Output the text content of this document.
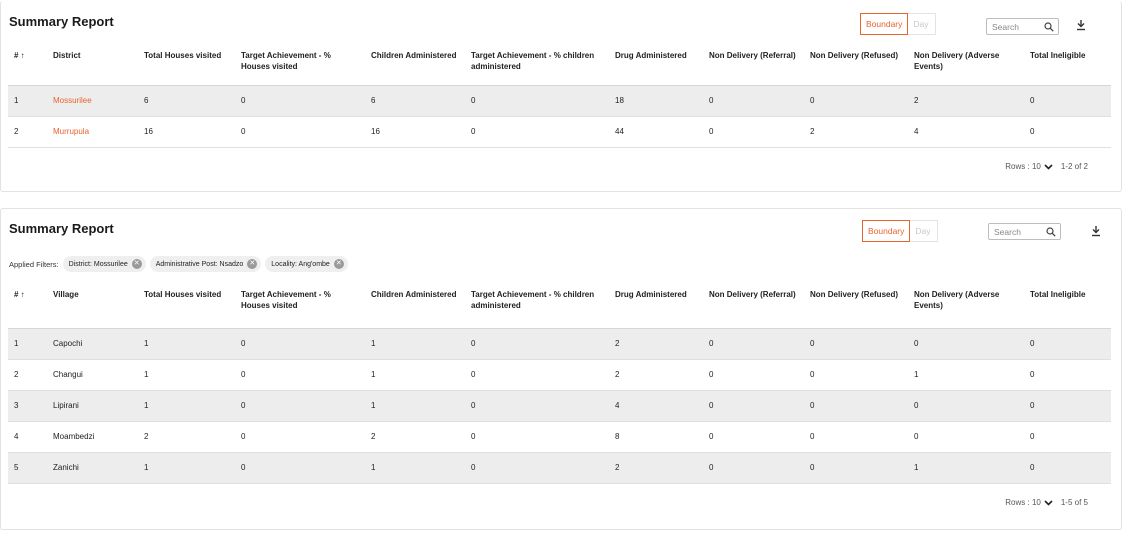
Summary Report	Boundary	Day	Search
# ↑	District	Total Houses visited	Target Achievement - % Houses visited	Children Administered	Target Achievement - % children administered	Drug Administered	Non Delivery (Referral)	Non Delivery (Refused)	Non Delivery (Adverse Events)	Total Ineligible
1	Mossurilee	6	0	6	0	18	0	0	2	0
2	Murrupula	16	0	16	0	44	0	2	4	0
Rows : 10	1-2 of 2
Summary Report	Boundary	Day	Search
Applied Filters: District: Mossurilee ✕ Administrative Post: Nsadzo ✕ Locality: Ang'ombe ✕
# ↑	Village	Total Houses visited	Target Achievement - % Houses visited	Children Administered	Target Achievement - % children administered	Drug Administered	Non Delivery (Referral)	Non Delivery (Refused)	Non Delivery (Adverse Events)	Total Ineligible
1	Capochi	1	0	1	0	2	0	0	0	0
2	Changui	1	0	1	0	2	0	0	1	0
3	Lipirani	1	0	1	0	4	0	0	0	0
4	Moambedzi	2	0	2	0	8	0	0	0	0
5	Zanichi	1	0	1	0	2	0	0	1	0
Rows : 10	1-5 of 5
